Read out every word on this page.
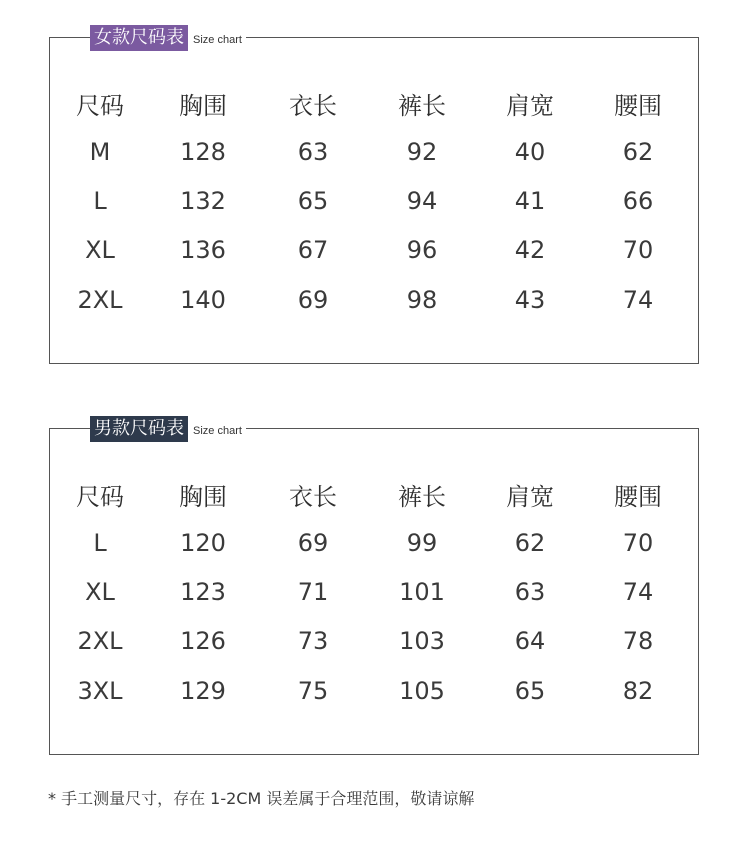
女款尺码表 Size chart
尺码	胸围	衣长	裤长	肩宽	腰围
M	128	63	92	40	62
L	132	65	94	41	66
XL	136	67	96	42	70
2XL	140	69	98	43	74
男款尺码表 Size chart
尺码	胸围	衣长	裤长	肩宽	腰围
L	120	69	99	62	70
XL	123	71	101	63	74
2XL	126	73	103	64	78
3XL	129	75	105	65	82
* 手工测量尺寸，存在 1-2CM 误差属于合理范围，敬请谅解
